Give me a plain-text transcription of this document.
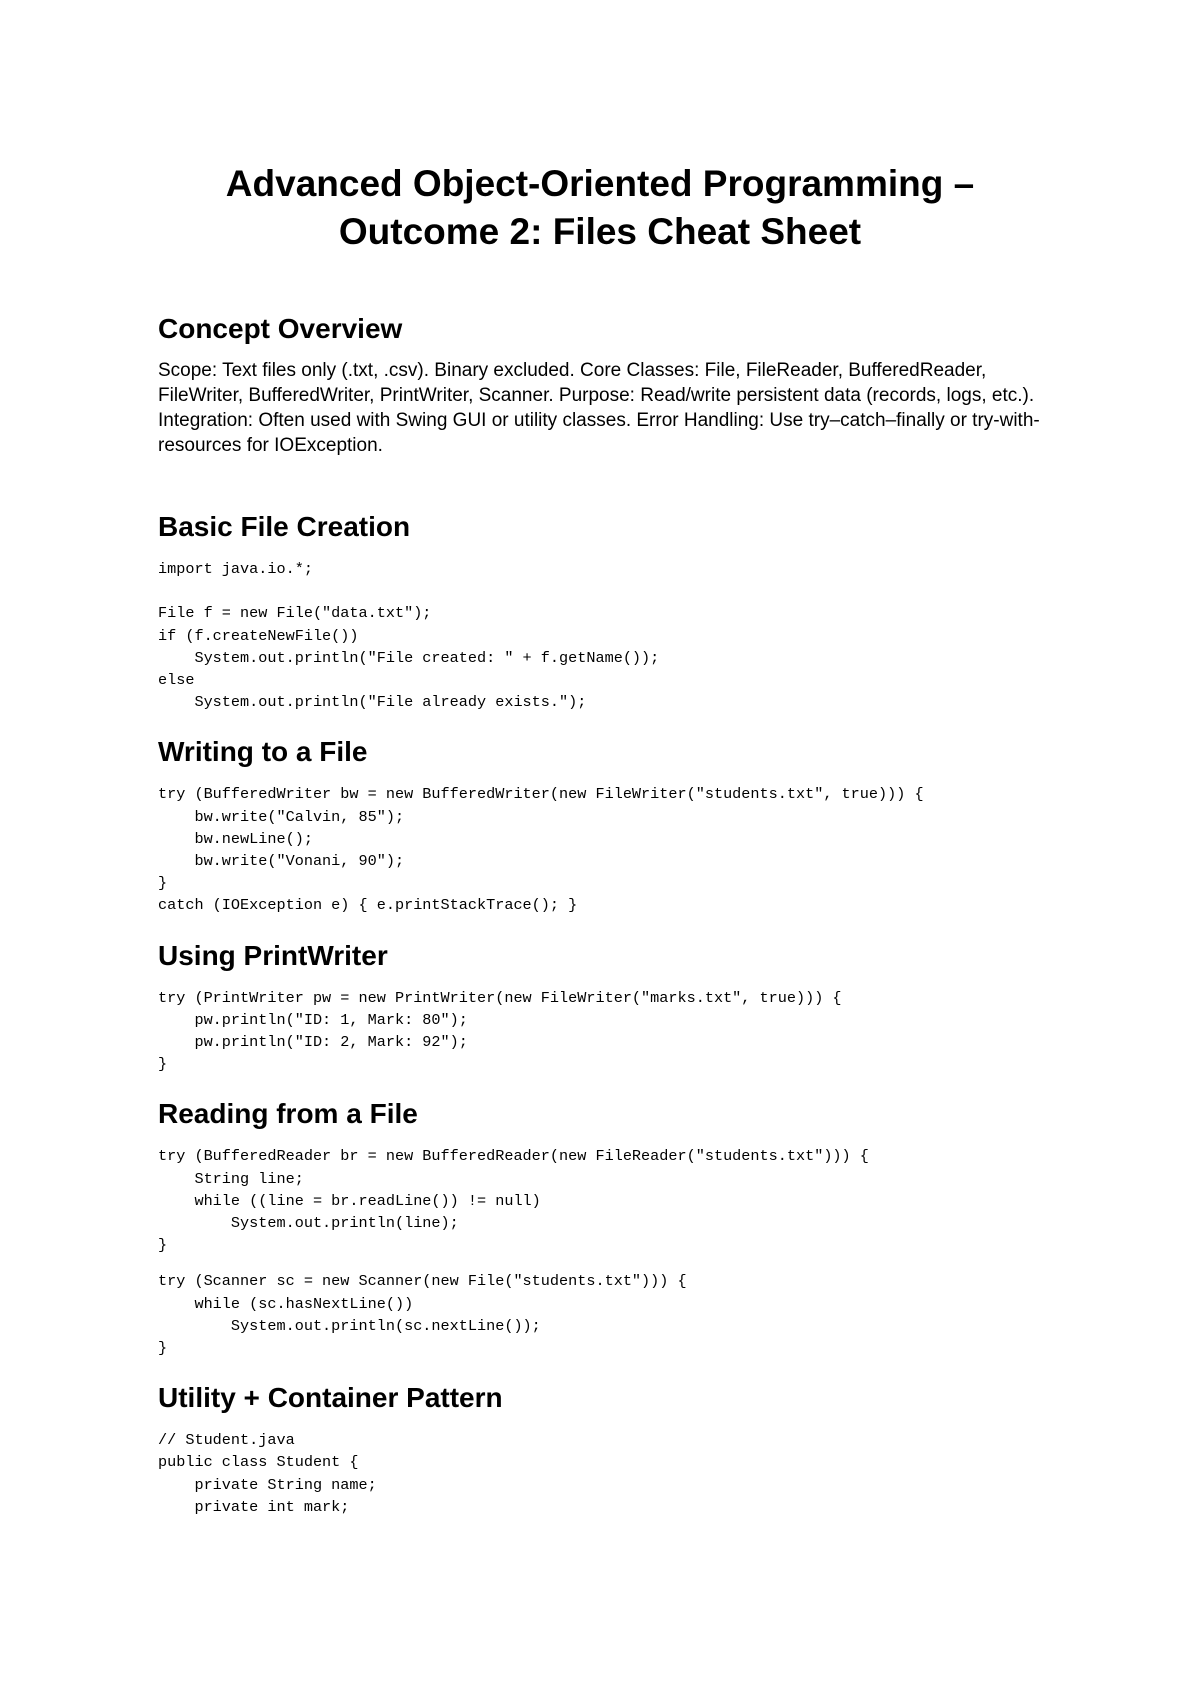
Advanced Object-Oriented Programming –
Outcome 2: Files Cheat Sheet
Concept Overview

Scope: Text files only (.txt, .csv). Binary excluded. Core Classes: File, FileReader, BufferedReader, FileWriter, BufferedWriter, PrintWriter, Scanner. Purpose: Read/write persistent data (records, logs, etc.). Integration: Often used with Swing GUI or utility classes. Error Handling: Use try–catch–finally or try-with-resources for IOException.

Basic File Creation
import java.io.*;

File f = new File("data.txt");
if (f.createNewFile())
System.out.println("File created: " + f.getName());
else
System.out.println("File already exists.");
Writing to a File
try (BufferedWriter bw = new BufferedWriter(new FileWriter("students.txt", true))) {
bw.write("Calvin, 85");
bw.newLine();
bw.write("Vonani, 90");
}
catch (IOException e) { e.printStackTrace(); }
Using PrintWriter
try (PrintWriter pw = new PrintWriter(new FileWriter("marks.txt", true))) {
pw.println("ID: 1, Mark: 80");
pw.println("ID: 2, Mark: 92");
}
Reading from a File
try (BufferedReader br = new BufferedReader(new FileReader("students.txt"))) {
String line;
while ((line = br.readLine()) != null)
System.out.println(line);
}
try (Scanner sc = new Scanner(new File("students.txt"))) {
while (sc.hasNextLine())
System.out.println(sc.nextLine());
}
Utility + Container Pattern
// Student.java
public class Student {
private String name;
private int mark;
